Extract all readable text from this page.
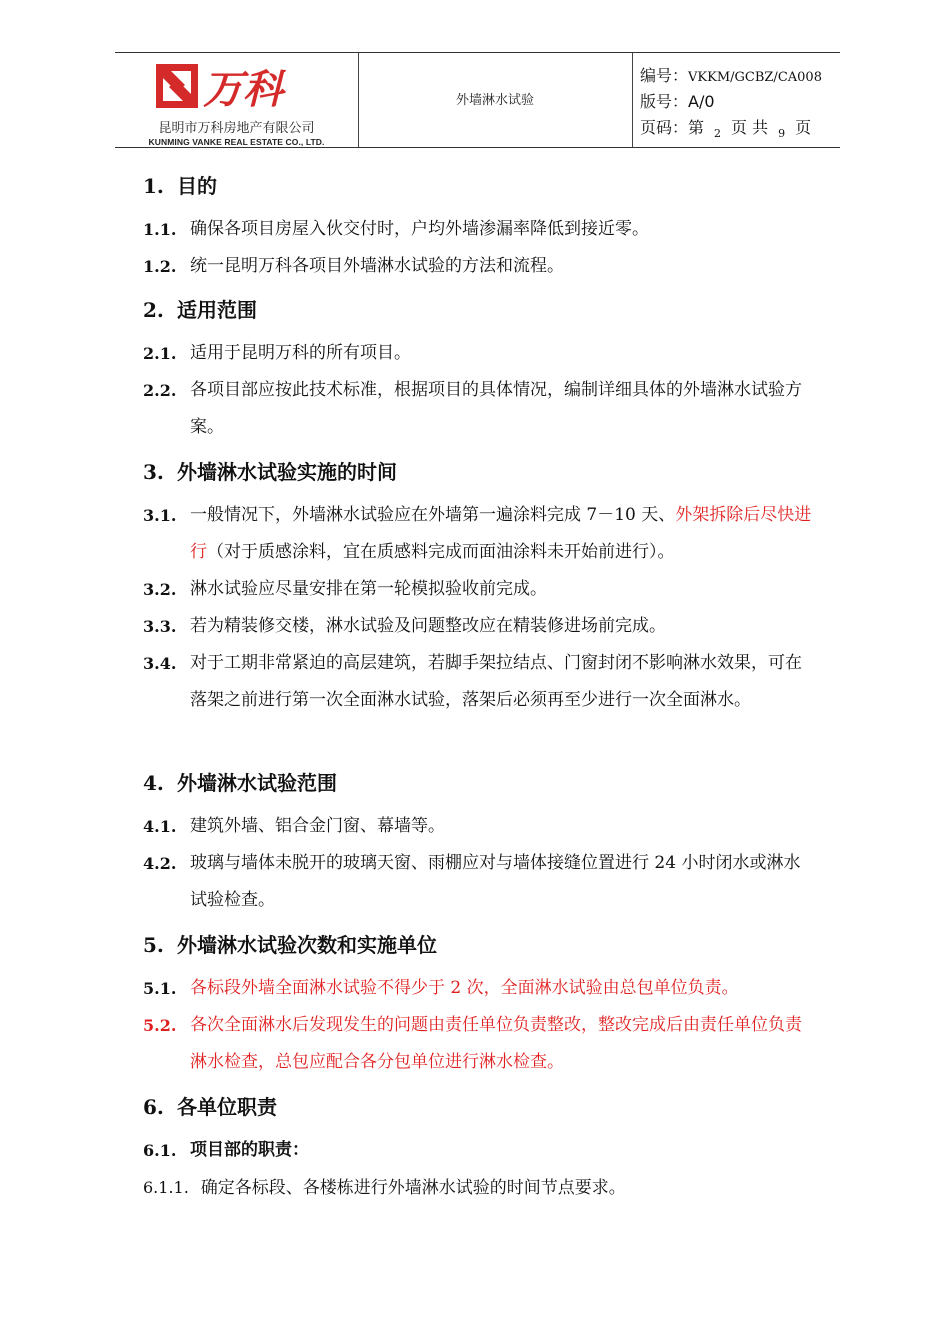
万科
昆明市万科房地产有限公司
KUNMING VANKE REAL ESTATE CO., LTD.
外墙淋水试验
编号：VKKM/GCBZ/CA008
版号：A/0
页码：第 $_2$ 页 共 $_9$ 页
1. 目的
1.1. 确保各项目房屋入伙交付时，户均外墙渗漏率降低到接近零。
1.2. 统一昆明万科各项目外墙淋水试验的方法和流程。
2. 适用范围
2.1. 适用于昆明万科的所有项目。
2.2. 各项目部应按此技术标准，根据项目的具体情况，编制详细具体的外墙淋水试验方案。
3. 外墙淋水试验实施的时间
3.1. 一般情况下，外墙淋水试验应在外墙第一遍涂料完成 7－10 天、外架拆除后尽快进行（对于质感涂料，宜在质感料完成而面油涂料未开始前进行）。
3.2. 淋水试验应尽量安排在第一轮模拟验收前完成。
3.3. 若为精装修交楼，淋水试验及问题整改应在精装修进场前完成。
3.4. 对于工期非常紧迫的高层建筑，若脚手架拉结点、门窗封闭不影响淋水效果，可在落架之前进行第一次全面淋水试验，落架后必须再至少进行一次全面淋水。
4. 外墙淋水试验范围
4.1. 建筑外墙、铝合金门窗、幕墙等。
4.2. 玻璃与墙体未脱开的玻璃天窗、雨棚应对与墙体接缝位置进行 24 小时闭水或淋水试验检查。
5. 外墙淋水试验次数和实施单位
5.1. 各标段外墙全面淋水试验不得少于 2 次，全面淋水试验由总包单位负责。
5.2. 各次全面淋水后发现发生的问题由责任单位负责整改，整改完成后由责任单位负责淋水检查，总包应配合各分包单位进行淋水检查。
6. 各单位职责
6.1. 项目部的职责：
6.1.1. 确定各标段、各楼栋进行外墙淋水试验的时间节点要求。
